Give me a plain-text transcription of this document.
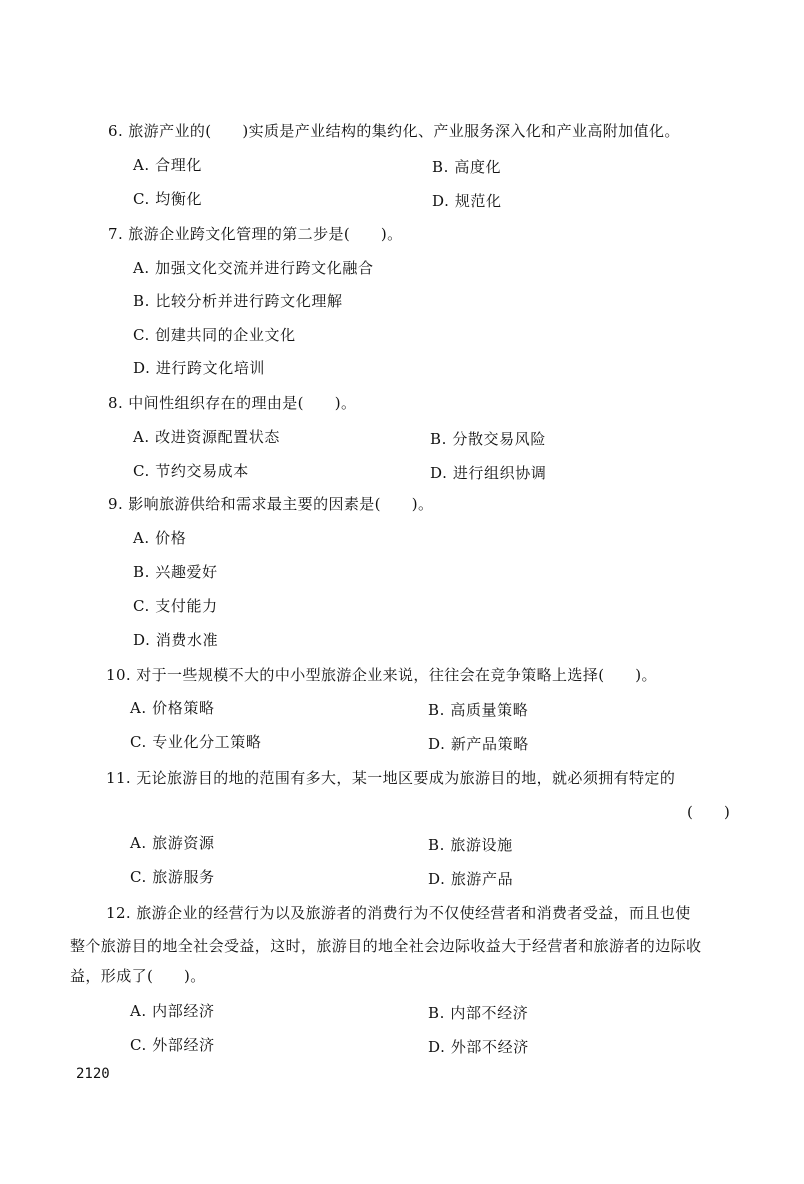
6. 旅游产业的(　　)实质是产业结构的集约化、产业服务深入化和产业高附加值化。
A. 合理化	B. 高度化
C. 均衡化	D. 规范化
7. 旅游企业跨文化管理的第二步是(　　)。
A. 加强文化交流并进行跨文化融合
B. 比较分析并进行跨文化理解
C. 创建共同的企业文化
D. 进行跨文化培训
8. 中间性组织存在的理由是(　　)。
A. 改进资源配置状态	B. 分散交易风险
C. 节约交易成本	D. 进行组织协调
9. 影响旅游供给和需求最主要的因素是(　　)。
A. 价格
B. 兴趣爱好
C. 支付能力
D. 消费水准
10. 对于一些规模不大的中小型旅游企业来说，往往会在竞争策略上选择(　　)。
A. 价格策略	B. 高质量策略
C. 专业化分工策略	D. 新产品策略
11. 无论旅游目的地的范围有多大，某一地区要成为旅游目的地，就必须拥有特定的
(　　)
A. 旅游资源	B. 旅游设施
C. 旅游服务	D. 旅游产品
12. 旅游企业的经营行为以及旅游者的消费行为不仅使经营者和消费者受益，而且也使
整个旅游目的地全社会受益，这时，旅游目的地全社会边际收益大于经营者和旅游者的边际收
益，形成了(　　)。
A. 内部经济	B. 内部不经济
C. 外部经济	D. 外部不经济
2120
